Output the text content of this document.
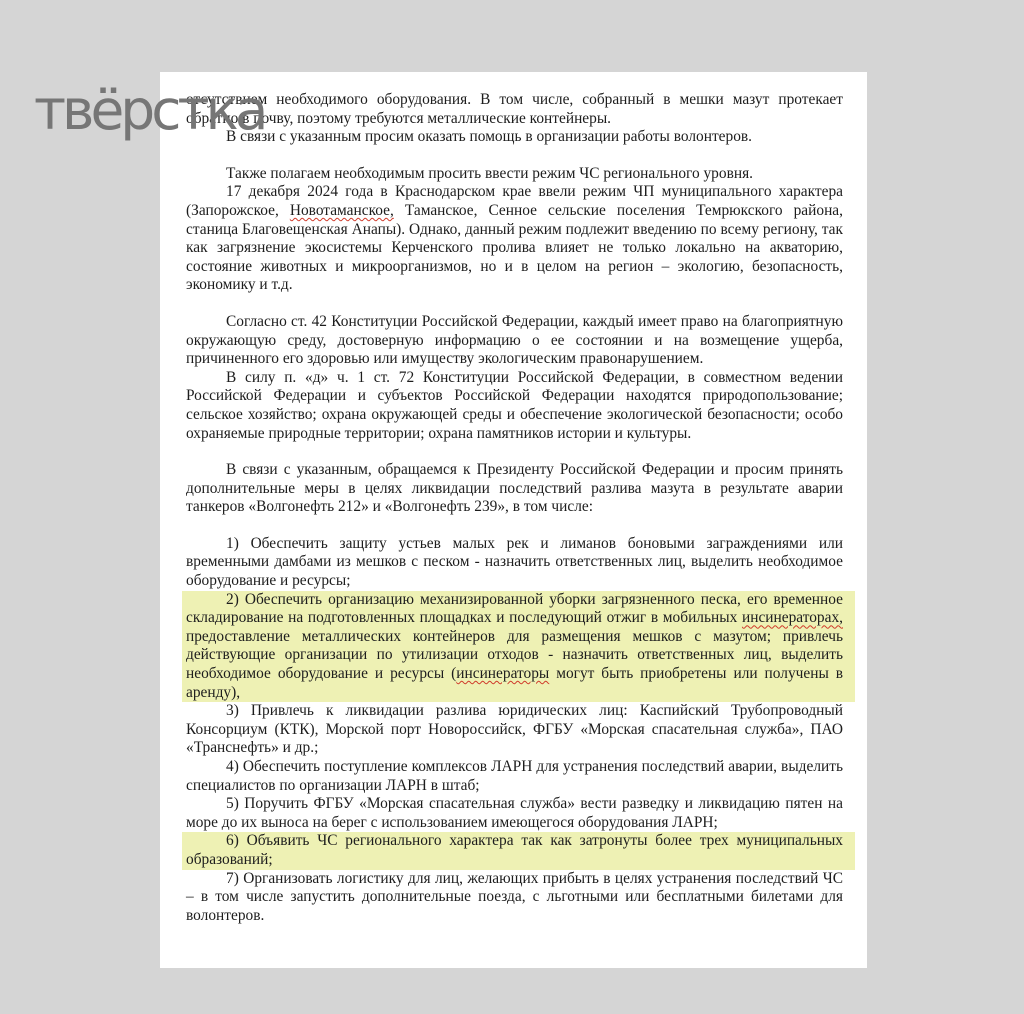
отсутствием необходимого оборудования. В том числе, собранный в мешки мазут протекает обратно в почву, поэтому требуются металлические контейнеры.

В связи с указанным просим оказать помощь в организации работы волонтеров.

Также полагаем необходимым просить ввести режим ЧС регионального уровня.

17 декабря 2024 года в Краснодарском крае ввели режим ЧП муниципального характера (Запорожское, Новотаманское, Таманское, Сенное сельские поселения Темрюкского района, станица Благовещенская Анапы). Однако, данный режим подлежит введению по всему региону, так как загрязнение экосистемы Керченского пролива влияет не только локально на акваторию, состояние животных и микроорганизмов, но и в целом на регион – экологию, безопасность, экономику и т.д.

Согласно ст. 42 Конституции Российской Федерации, каждый имеет право на благоприятную окружающую среду, достоверную информацию о ее состоянии и на возмещение ущерба, причиненного его здоровью или имуществу экологическим правонарушением.

В силу п. «д» ч. 1 ст. 72 Конституции Российской Федерации, в совместном ведении Российской Федерации и субъектов Российской Федерации находятся природопользование; сельское хозяйство; охрана окружающей среды и обеспечение экологической безопасности; особо охраняемые природные территории; охрана памятников истории и культуры.

В связи с указанным, обращаемся к Президенту Российской Федерации и просим принять дополнительные меры в целях ликвидации последствий разлива мазута в результате аварии танкеров «Волгонефть 212» и «Волгонефть 239», в том числе:

1) Обеспечить защиту устьев малых рек и лиманов боновыми заграждениями или временными дамбами из мешков с песком - назначить ответственных лиц, выделить необходимое оборудование и ресурсы;

2) Обеспечить организацию механизированной уборки загрязненного песка, его временное складирование на подготовленных площадках и последующий отжиг в мобильных инсинераторах, предоставление металлических контейнеров для размещения мешков с мазутом; привлечь действующие организации по утилизации отходов - назначить ответственных лиц, выделить необходимое оборудование и ресурсы (инсинераторы могут быть приобретены или получены в аренду),

3) Привлечь к ликвидации разлива юридических лиц: Каспийский Трубопроводный Консорциум (КТК), Морской порт Новороссийск, ФГБУ «Морская спасательная служба», ПАО «Транснефть» и др.;

4) Обеспечить поступление комплексов ЛАРН для устранения последствий аварии, выделить специалистов по организации ЛАРН в штаб;

5) Поручить ФГБУ «Морская спасательная служба» вести разведку и ликвидацию пятен на море до их выноса на берег с использованием имеющегося оборудования ЛАРН;

6) Объявить ЧС регионального характера так как затронуты более трех муниципальных образований;

7) Организовать логистику для лиц, желающих прибыть в целях устранения последствий ЧС – в том числе запустить дополнительные поезда, с льготными или бесплатными билетами для волонтеров.

твёрстка
